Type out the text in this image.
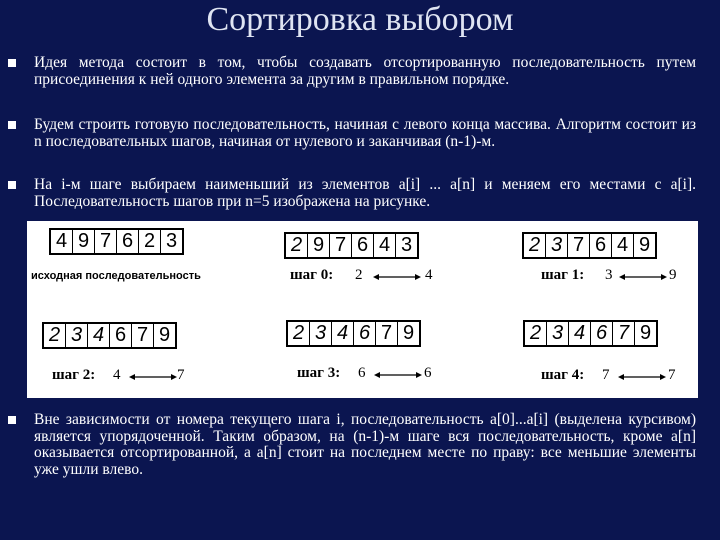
Сортировка выбором
Идея метода состоит в том, чтобы создавать отсортированную последовательность путем присоединения к ней одного элемента за другим в правильном порядке.
Будем строить готовую последовательность, начиная с левого конца массива. Алгоритм состоит из n последовательных шагов, начиная от нулевого и заканчивая (n-1)-м.
На i-м шаге выбираем наименьший из элементов a[i] ... a[n] и меняем его местами с a[i]. Последовательность шагов при n=5 изображена на рисунке.
4 9 7 6 2 3
исходная последовательность
2 9 7 6 4 3
шаг 0: 2	4
2 3 7 6 4 9
шаг 1: 3	9
2 3 4 6 7 9
шаг 2: 4	7
2 3 4 6 7 9
шаг 3: 6	6
2 3 4 6 7 9
шаг 4: 7	7
Вне зависимости от номера текущего шага i, последовательность a[0]...a[i] (выделена курсивом) является упорядоченной. Таким образом, на (n-1)-м шаге вся последовательность, кроме a[n] оказывается отсортированной, а a[n] стоит на последнем месте по праву: все меньшие элементы уже ушли влево.
